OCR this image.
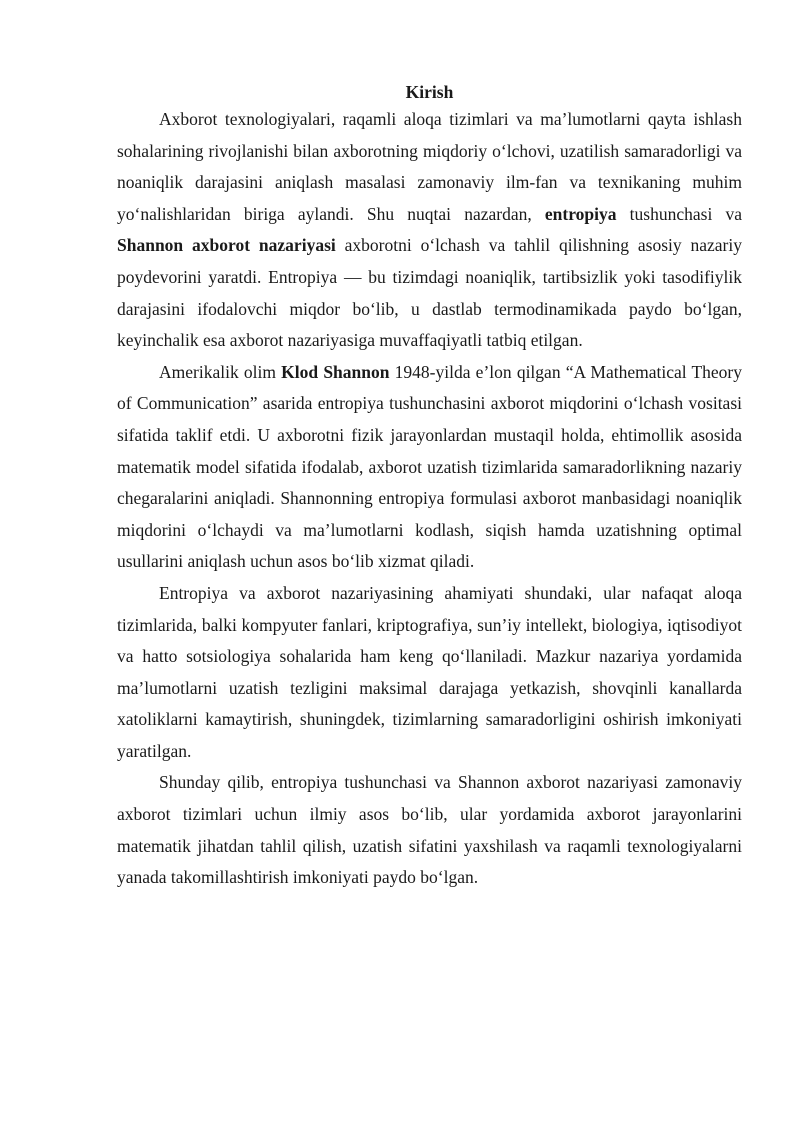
Kirish

Axborot texnologiyalari, raqamli aloqa tizimlari va ma’lumotlarni qayta ishlash sohalarining rivojlanishi bilan axborotning miqdoriy o‘lchovi, uzatilish samaradorligi va noaniqlik darajasini aniqlash masalasi zamonaviy ilm-fan va texnikaning muhim yo‘nalishlaridan biriga aylandi. Shu nuqtai nazardan, entropiya tushunchasi va Shannon axborot nazariyasi axborotni o‘lchash va tahlil qilishning asosiy nazariy poydevorini yaratdi. Entropiya — bu tizimdagi noaniqlik, tartibsizlik yoki tasodifiylik darajasini ifodalovchi miqdor bo‘lib, u dastlab termodinamikada paydo bo‘lgan, keyinchalik esa axborot nazariyasiga muvaffaqiyatli tatbiq etilgan.

Amerikalik olim Klod Shannon 1948-yilda e’lon qilgan “A Mathematical Theory of Communication” asarida entropiya tushunchasini axborot miqdorini o‘lchash vositasi sifatida taklif etdi. U axborotni fizik jarayonlardan mustaqil holda, ehtimollik asosida matematik model sifatida ifodalab, axborot uzatish tizimlarida samaradorlikning nazariy chegaralarini aniqladi. Shannonning entropiya formulasi axborot manbasidagi noaniqlik miqdorini o‘lchaydi va ma’lumotlarni kodlash, siqish hamda uzatishning optimal usullarini aniqlash uchun asos bo‘lib xizmat qiladi.

Entropiya va axborot nazariyasining ahamiyati shundaki, ular nafaqat aloqa tizimlarida, balki kompyuter fanlari, kriptografiya, sun’iy intellekt, biologiya, iqtisodiyot va hatto sotsiologiya sohalarida ham keng qo‘llaniladi. Mazkur nazariya yordamida ma’lumotlarni uzatish tezligini maksimal darajaga yetkazish, shovqinli kanallarda xatoliklarni kamaytirish, shuningdek, tizimlarning samaradorligini oshirish imkoniyati yaratilgan.

Shunday qilib, entropiya tushunchasi va Shannon axborot nazariyasi zamonaviy axborot tizimlari uchun ilmiy asos bo‘lib, ular yordamida axborot jarayonlarini matematik jihatdan tahlil qilish, uzatish sifatini yaxshilash va raqamli texnologiyalarni yanada takomillashtirish imkoniyati paydo bo‘lgan.
